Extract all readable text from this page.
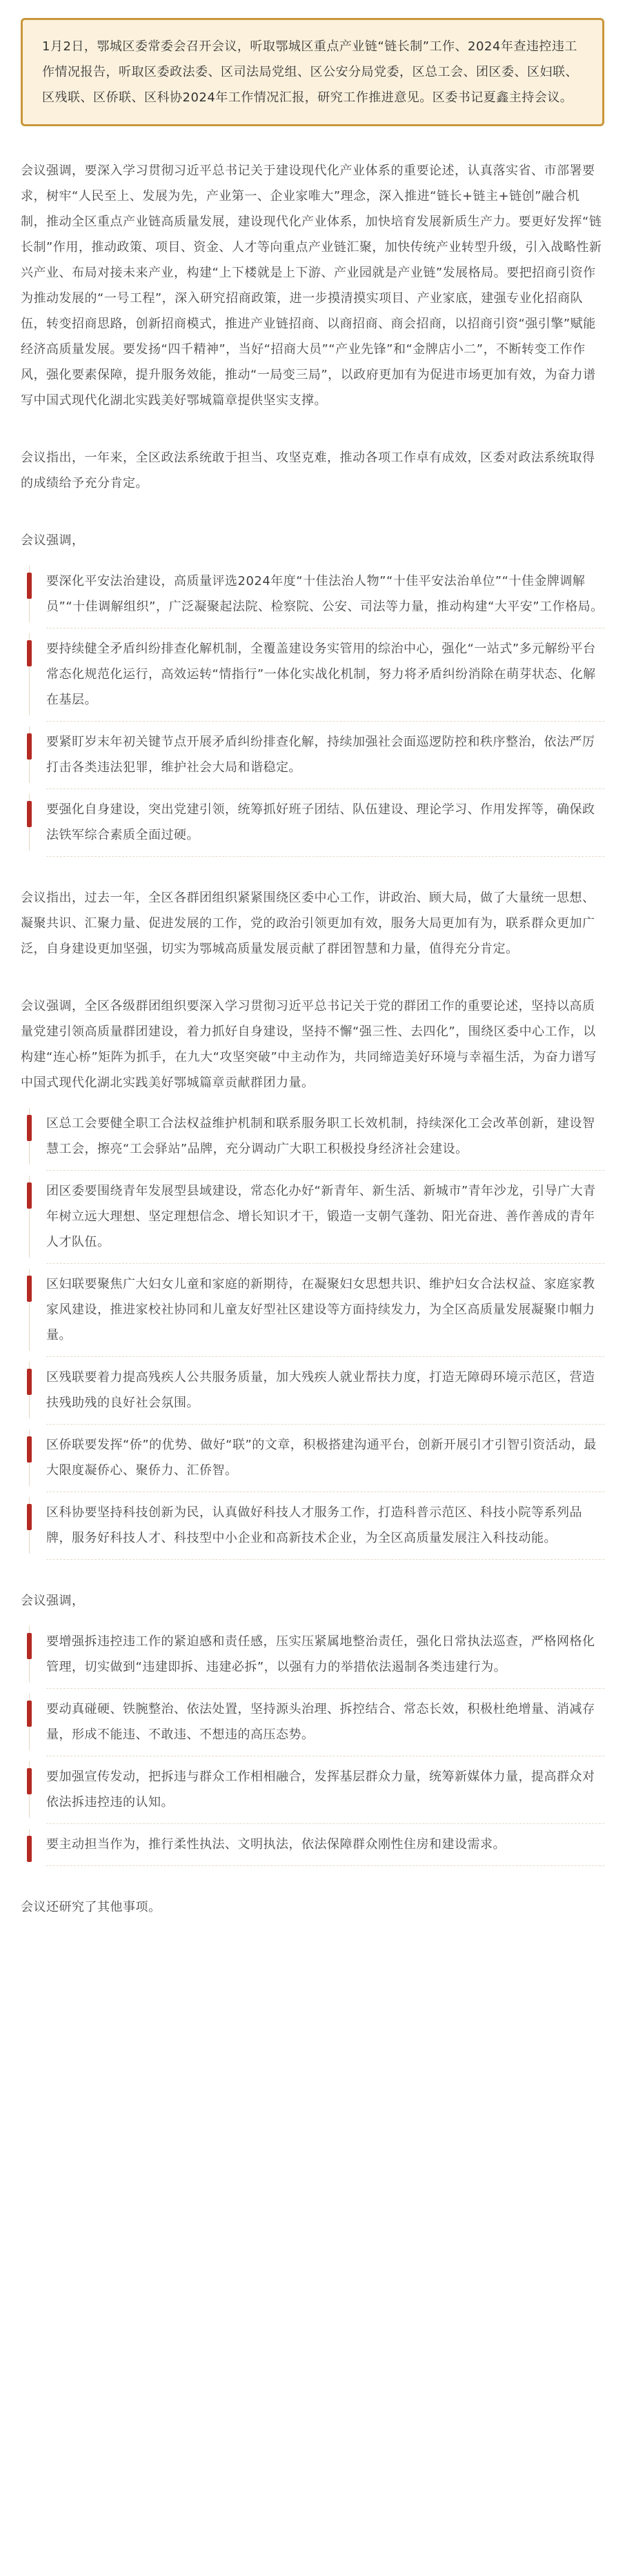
1月2日，鄂城区委常委会召开会议，听取鄂城区重点产业链“链长制”工作、2024年查违控违工作情况报告，听取区委政法委、区司法局党组、区公安分局党委，区总工会、团区委、区妇联、区残联、区侨联、区科协2024年工作情况汇报，研究工作推进意见。区委书记夏鑫主持会议。

会议强调，要深入学习贯彻习近平总书记关于建设现代化产业体系的重要论述，认真落实省、市部署要求，树牢“人民至上、发展为先，产业第一、企业家唯大”理念，深入推进“链长+链主+链创”融合机制，推动全区重点产业链高质量发展，建设现代化产业体系，加快培育发展新质生产力。要更好发挥“链长制”作用，推动政策、项目、资金、人才等向重点产业链汇聚，加快传统产业转型升级，引入战略性新兴产业、布局对接未来产业，构建“上下楼就是上下游、产业园就是产业链”发展格局。要把招商引资作为推动发展的“一号工程”，深入研究招商政策，进一步摸清摸实项目、产业家底，建强专业化招商队伍，转变招商思路，创新招商模式，推进产业链招商、以商招商、商会招商，以招商引资“强引擎”赋能经济高质量发展。要发扬“四千精神”，当好“招商大员”“产业先锋”和“金牌店小二”，不断转变工作作风，强化要素保障，提升服务效能，推动“一局变三局”，以政府更加有为促进市场更加有效，为奋力谱写中国式现代化湖北实践美好鄂城篇章提供坚实支撑。

会议指出，一年来，全区政法系统敢于担当、攻坚克难，推动各项工作卓有成效，区委对政法系统取得的成绩给予充分肯定。

会议强调，

要深化平安法治建设，高质量评选2024年度“十佳法治人物”“十佳平安法治单位”“十佳金牌调解员”“十佳调解组织”，广泛凝聚起法院、检察院、公安、司法等力量，推动构建“大平安”工作格局。
要持续健全矛盾纠纷排查化解机制，全覆盖建设务实管用的综治中心，强化“一站式”多元解纷平台常态化规范化运行，高效运转“情指行”一体化实战化机制，努力将矛盾纠纷消除在萌芽状态、化解在基层。
要紧盯岁末年初关键节点开展矛盾纠纷排查化解，持续加强社会面巡逻防控和秩序整治，依法严厉打击各类违法犯罪，维护社会大局和谐稳定。
要强化自身建设，突出党建引领，统筹抓好班子团结、队伍建设、理论学习、作用发挥等，确保政法铁军综合素质全面过硬。

会议指出，过去一年，全区各群团组织紧紧围绕区委中心工作，讲政治、顾大局，做了大量统一思想、凝聚共识、汇聚力量、促进发展的工作，党的政治引领更加有效，服务大局更加有为，联系群众更加广泛，自身建设更加坚强，切实为鄂城高质量发展贡献了群团智慧和力量，值得充分肯定。

会议强调，全区各级群团组织要深入学习贯彻习近平总书记关于党的群团工作的重要论述，坚持以高质量党建引领高质量群团建设，着力抓好自身建设，坚持不懈“强三性、去四化”，围绕区委中心工作，以构建“连心桥”矩阵为抓手，在九大“攻坚突破”中主动作为，共同缔造美好环境与幸福生活，为奋力谱写中国式现代化湖北实践美好鄂城篇章贡献群团力量。

区总工会要健全职工合法权益维护机制和联系服务职工长效机制，持续深化工会改革创新，建设智慧工会，擦亮“工会驿站”品牌，充分调动广大职工积极投身经济社会建设。
团区委要围绕青年发展型县域建设，常态化办好“新青年、新生活、新城市”青年沙龙，引导广大青年树立远大理想、坚定理想信念、增长知识才干，锻造一支朝气蓬勃、阳光奋进、善作善成的青年人才队伍。
区妇联要聚焦广大妇女儿童和家庭的新期待，在凝聚妇女思想共识、维护妇女合法权益、家庭家教家风建设，推进家校社协同和儿童友好型社区建设等方面持续发力，为全区高质量发展凝聚巾帼力量。
区残联要着力提高残疾人公共服务质量，加大残疾人就业帮扶力度，打造无障碍环境示范区，营造扶残助残的良好社会氛围。
区侨联要发挥“侨”的优势、做好“联”的文章，积极搭建沟通平台，创新开展引才引智引资活动，最大限度凝侨心、聚侨力、汇侨智。
区科协要坚持科技创新为民，认真做好科技人才服务工作，打造科普示范区、科技小院等系列品牌，服务好科技人才、科技型中小企业和高新技术企业，为全区高质量发展注入科技动能。

会议强调，

要增强拆违控违工作的紧迫感和责任感，压实压紧属地整治责任，强化日常执法巡查，严格网格化管理，切实做到“违建即拆、违建必拆”，以强有力的举措依法遏制各类违建行为。
要动真碰硬、铁腕整治、依法处置，坚持源头治理、拆控结合、常态长效，积极杜绝增量、消减存量，形成不能违、不敢违、不想违的高压态势。
要加强宣传发动，把拆违与群众工作相相融合，发挥基层群众力量，统筹新媒体力量，提高群众对依法拆违控违的认知。
要主动担当作为，推行柔性执法、文明执法，依法保障群众刚性住房和建设需求。

会议还研究了其他事项。
